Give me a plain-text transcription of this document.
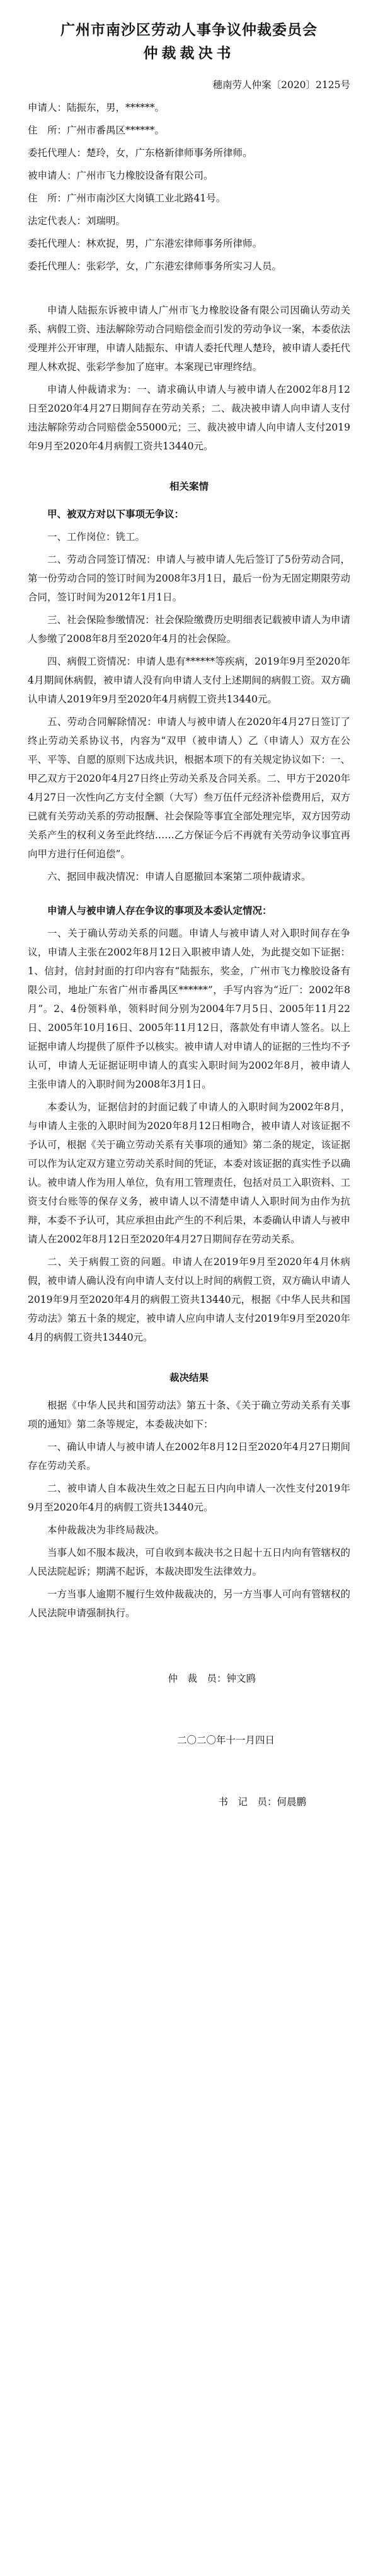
广州市南沙区劳动人事争议仲裁委员会
仲裁裁决书
穗南劳人仲案〔2020〕2125号
申请人：陆振东，男，******。
住　所：广州市番禺区******。
委托代理人：楚玲，女，广东格新律师事务所律师。
被申请人：广州市飞力橡胶设备有限公司。
住　所：广州市南沙区大岗镇工业北路41号。
法定代表人：刘瑞明。
委托代理人：林欢捉，男，广东港宏律师事务所律师。
委托代理人：张彩学，女，广东港宏律师事务所实习人员。

申请人陆振东诉被申请人广州市飞力橡胶设备有限公司因确认劳动关系、病假工资、违法解除劳动合同赔偿金而引发的劳动争议一案，本委依法受理并公开审理，申请人陆振东、申请人委托代理人楚玲，被申请人委托代理人林欢捉、张彩学参加了庭审。本案现已审理终结。

申请人仲裁请求为：一、请求确认申请人与被申请人在2002年8月12日至2020年4月27日期间存在劳动关系；二、裁决被申请人向申请人支付违法解除劳动合同赔偿金55000元；三、裁决被申请人向申请人支付2019年9月至2020年4月病假工资共13440元。

相关案情

甲、被双方对以下事项无争议：

一、工作岗位：铣工。

二、劳动合同签订情况：申请人与被申请人先后签订了5份劳动合同，第一份劳动合同的签订时间为2008年3月1日，最后一份为无固定期限劳动合同，签订时间为2012年1月1日。

三、社会保险参缴情况：社会保险缴费历史明细表记载被申请人为申请人参缴了2008年8月至2020年4月的社会保险。

四、病假工资情况：申请人患有******等疾病，2019年9月至2020年4月期间休病假，被申请人没有向申请人支付上述期间的病假工资。双方确认申请人2019年9月至2020年4月病假工资共13440元。

五、劳动合同解除情况：申请人与被申请人在2020年4月27日签订了终止劳动关系协议书，内容为“双甲（被申请人）乙（申请人）双方在公平、平等、自愿的原则下达成共识，根据本项下的有关规定协议如下：一、甲乙双方于2020年4月27日终止劳动关系及合同关系。二、甲方于2020年4月27日一次性向乙方支付全额（大写）叁万伍仟元经济补偿费用后，双方已就有关劳动关系的劳动报酬、社会保险等事宜全部处理完毕，双方因劳动关系产生的权利义务至此终结……乙方保证今后不再就有关劳动争议事宜再向甲方进行任何追偿”。

六、据回申裁决情况：申请人自愿撤回本案第二项仲裁请求。

申请人与被申请人存在争议的事项及本委认定情况：

一、关于确认劳动关系的问题。申请人与被申请人对入职时间存在争议，申请人主张在2002年8月12日入职被申请人处，为此提交如下证据：1、信封，信封封面的打印内容有“陆振东，奖金，广州市飞力橡胶设备有限公司，地址广东省广州市番禺区******”，手写内容为“近厂：2002年8月”。2、4份领料单，领料时间分别为2004年7月5日、2005年11月22日、2005年10月16日、2005年11月12日，落款处有申请人签名。以上证据申请人均提供了原件予以核实。被申请人对申请人的证据的三性均不予认可，申请人无证据证明申请人的真实入职时间为2002年8月，被申请人主张申请人的入职时间为2008年3月1日。

本委认为，证据信封的封面记载了申请人的入职时间为2002年8月，与申请人主张的入职时间为2020年8月12日相吻合，被申请人对该证据不予认可，根据《关于确立劳动关系有关事项的通知》第二条的规定，该证据可以作为认定双方建立劳动关系时间的凭证，本委对该证据的真实性予以确认。被申请人作为用人单位，负有用工管理责任，包括对员工入职资料、工资支付台账等的保存义务，被申请人以不清楚申请人入职时间为由作为抗辩，本委不予认可，其应承担由此产生的不利后果，本委确认申请人与被申请人在2002年8月12日至2020年4月27日期间存在劳动关系。

二、关于病假工资的问题。申请人在2019年9月至2020年4月休病假，被申请人确认没有向申请人支付以上时间的病假工资，双方确认申请人2019年9月至2020年4月的病假工资共13440元，根据《中华人民共和国劳动法》第五十条的规定，被申请人应向申请人支付2019年9月至2020年4月的病假工资共13440元。

裁决结果

根据《中华人民共和国劳动法》第五十条、《关于确立劳动关系有关事项的通知》第二条等规定，本委裁决如下：

一、确认申请人与被申请人在2002年8月12日至2020年4月27日期间存在劳动关系。

二、被申请人自本裁决生效之日起五日内向申请人一次性支付2019年9月至2020年4月的病假工资共13440元。

本仲裁裁决为非终局裁决。

当事人如不服本裁决，可自收到本裁决书之日起十五日内向有管辖权的人民法院起诉；期满不起诉，本裁决即发生法律效力。

一方当事人逾期不履行生效仲裁裁决的，另一方当事人可向有管辖权的人民法院申请强制执行。

仲　裁　员：钟文鸥
二〇二〇年十一月四日
书　记　员：何晨鹏
